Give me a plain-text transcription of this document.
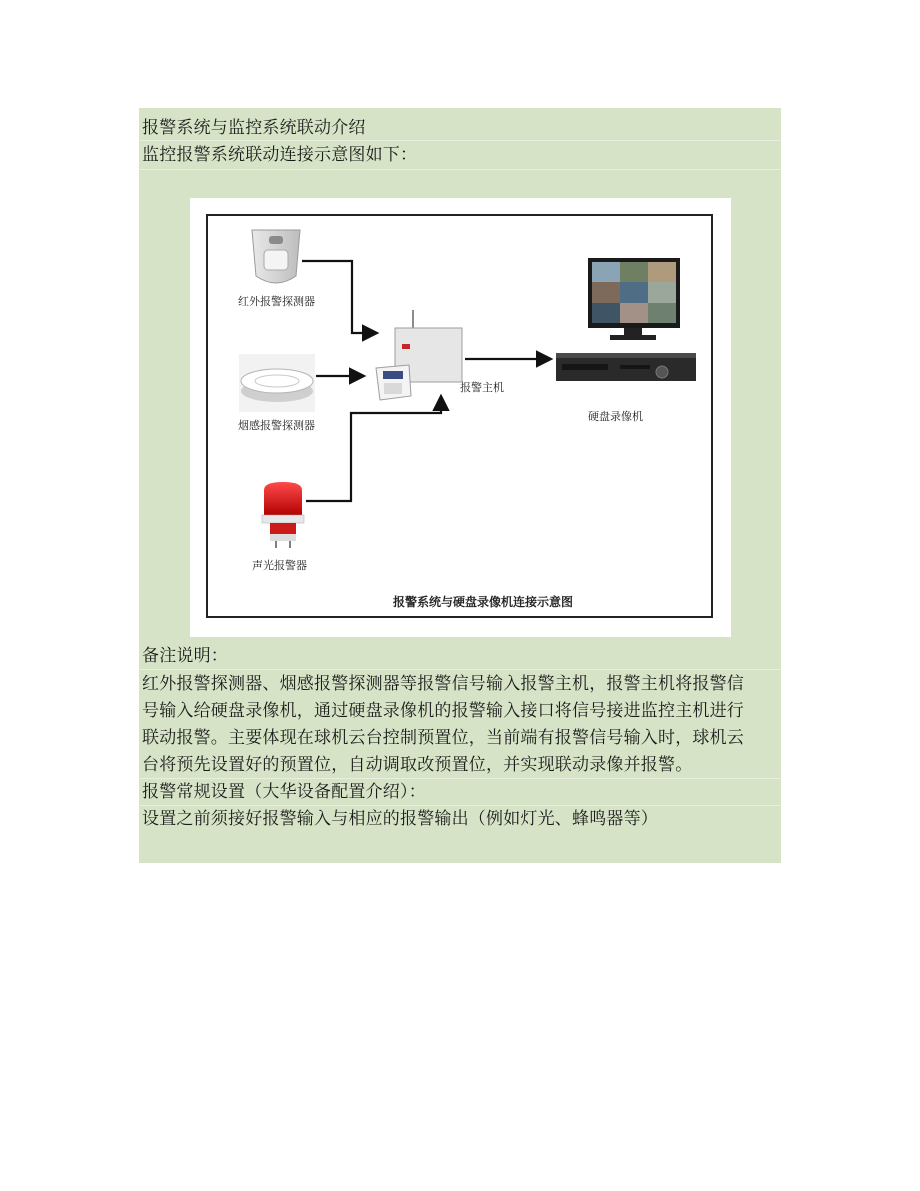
报警系统与监控系统联动介绍
监控报警系统联动连接示意图如下：
红外报警探测器
烟感报警探测器
声光报警器
报警主机
硬盘录像机
报警系统与硬盘录像机连接示意图
备注说明：
红外报警探测器、烟感报警探测器等报警信号输入报警主机，报警主机将报警信
号输入给硬盘录像机，通过硬盘录像机的报警输入接口将信号接进监控主机进行
联动报警。主要体现在球机云台控制预置位，当前端有报警信号输入时，球机云
台将预先设置好的预置位，自动调取改预置位，并实现联动录像并报警。
报警常规设置（大华设备配置介绍）：
设置之前须接好报警输入与相应的报警输出（例如灯光、蜂鸣器等）
